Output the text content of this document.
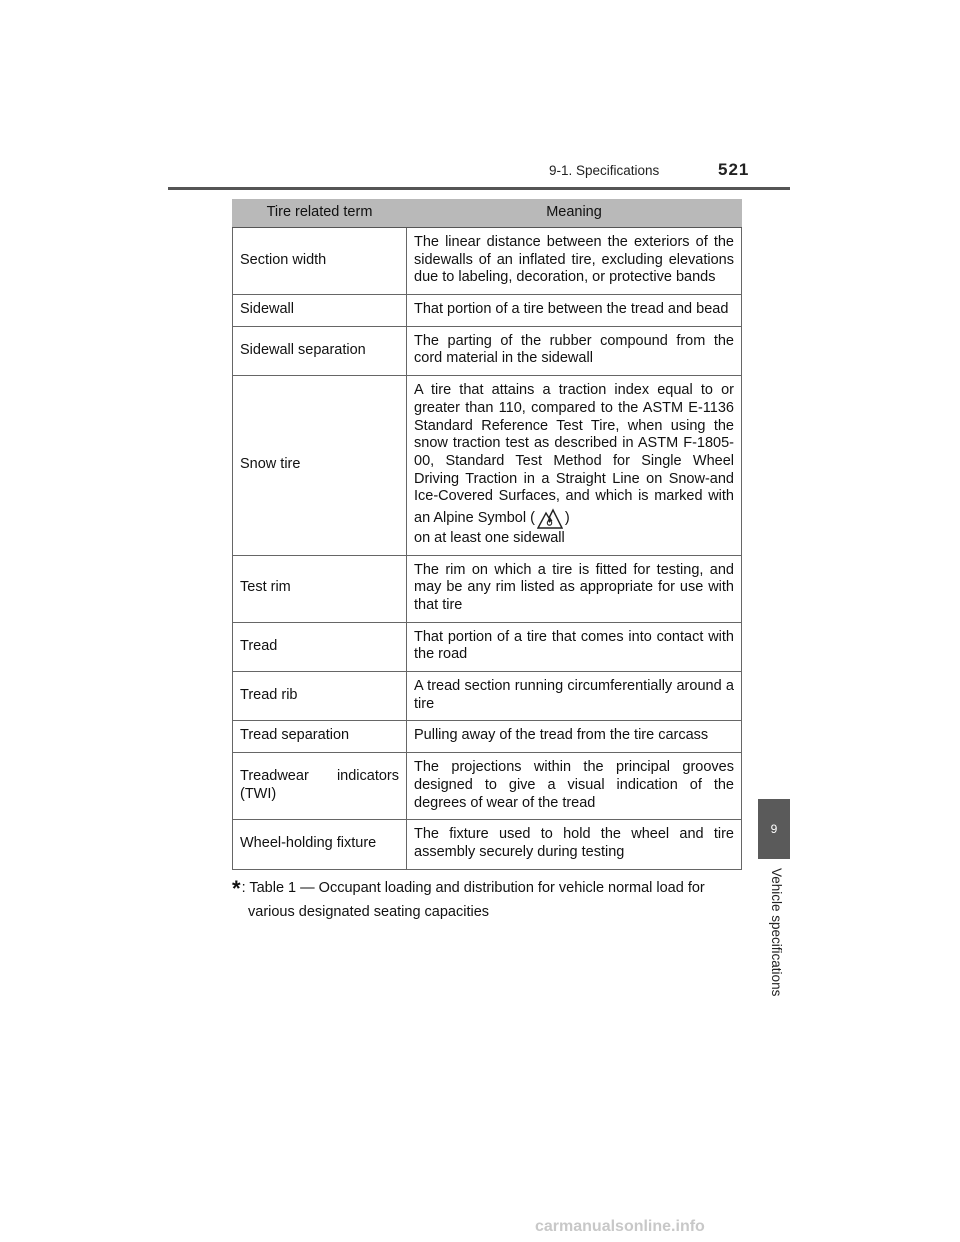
9-1. Specifications	521
9
Vehicle specifications
Tire related term	Meaning
Section width	The linear distance between the exteriors of the sidewalls of an inflated tire, excluding elevations due to labeling, decoration, or protective bands
Sidewall	That portion of a tire between the tread and bead
Sidewall separation	The parting of the rubber compound from the cord material in the sidewall
Snow tire	A tire that attains a traction index equal to or greater than 110, compared to the ASTM E-1136 Standard Reference Test Tire, when using the snow traction test as described in ASTM F-1805-00, Standard Test Method for Single Wheel Driving Traction in a Straight Line on Snow-and Ice-Covered Surfaces, and which is marked with an Alpine Symbol ( )
on at least one sidewall
Test rim	The rim on which a tire is fitted for testing, and may be any rim listed as appropriate for use with that tire
Tread	That portion of a tire that comes into contact with the road
Tread rib	A tread section running circumferentially around a tire
Tread separation	Pulling away of the tread from the tire carcass
Treadwear indicators (TWI)	The projections within the principal grooves designed to give a visual indication of the degrees of wear of the tread
Wheel-holding fixture	The fixture used to hold the wheel and tire assembly securely during testing
*: Table 1 — Occupant loading and distribution for vehicle normal load for
various designated seating capacities
carmanualsonline.info
